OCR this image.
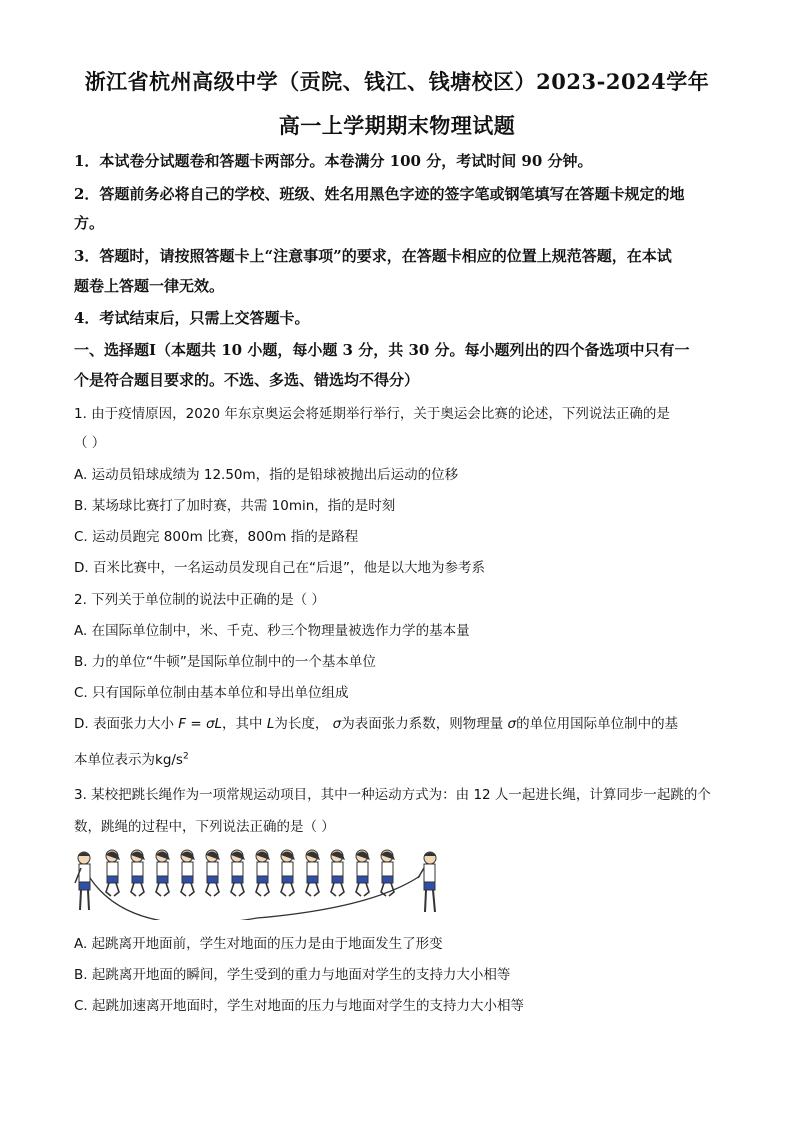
浙江省杭州高级中学（贡院、钱江、钱塘校区）2023-2024学年
高一上学期期末物理试题
1．本试卷分试题卷和答题卡两部分。本卷满分 100 分，考试时间 90 分钟。
2．答题前务必将自己的学校、班级、姓名用黑色字迹的签字笔或钢笔填写在答题卡规定的地
方。
3．答题时，请按照答题卡上“注意事项”的要求，在答题卡相应的位置上规范答题，在本试
题卷上答题一律无效。
4．考试结束后，只需上交答题卡。
一、选择题Ⅰ（本题共 10 小题，每小题 3 分，共 30 分。每小题列出的四个备选项中只有一
个是符合题目要求的。不选、多选、错选均不得分）
1. 由于疫情原因，2020 年东京奥运会将延期举行举行，关于奥运会比赛的论述，下列说法正确的是
（ ）
A. 运动员铅球成绩为 12.50m，指的是铅球被抛出后运动的位移
B. 某场球比赛打了加时赛，共需 10min，指的是时刻
C. 运动员跑完 800m 比赛，800m 指的是路程
D. 百米比赛中，一名运动员发现自己在“后退”，他是以大地为参考系
2. 下列关于单位制的说法中正确的是（ ）
A. 在国际单位制中，米、千克、秒三个物理量被选作力学的基本量
B. 力的单位“牛顿”是国际单位制中的一个基本单位
C. 只有国际单位制由基本单位和导出单位组成
D. 表面张力大小 F = σL，其中 L为长度， σ为表面张力系数，则物理量 σ的单位用国际单位制中的基
本单位表示为$kg/s^2$
3. 某校把跳长绳作为一项常规运动项目，其中一种运动方式为：由 12 人一起进长绳，计算同步一起跳的个
数，跳绳的过程中，下列说法正确的是（ ）
A. 起跳离开地面前，学生对地面的压力是由于地面发生了形变
B. 起跳离开地面的瞬间，学生受到的重力与地面对学生的支持力大小相等
C. 起跳加速离开地面时，学生对地面的压力与地面对学生的支持力大小相等
